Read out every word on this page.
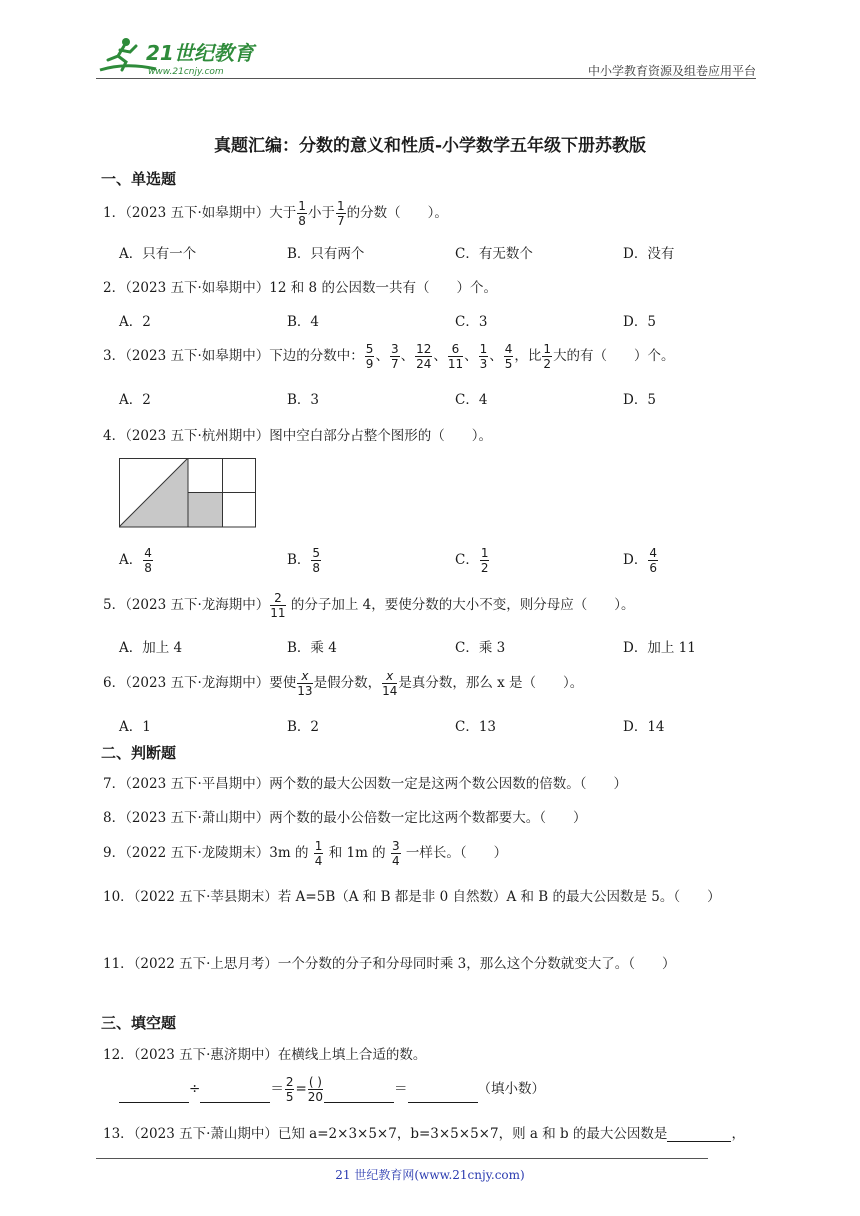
21世纪教育
www.21cnjy.com	中小学教育资源及组卷应用平台
真题汇编：分数的意义和性质-小学数学五年级下册苏教版
一、单选题
1．（2023 五下·如皋期中）大于 $\frac{1}{8}$ 小于 $\frac{1}{7}$ 的分数（　　）。
A．只有一个	B．只有两个	C．有无数个	D．没有
2．（2023 五下·如皋期中）12 和 8 的公因数一共有（　　）个。
A．2	B．4	C．3	D．5
3．（2023 五下·如皋期中）下边的分数中： $\frac{5}{9}$ 、 $\frac{3}{7}$ 、 $\frac{12}{24}$ 、 $\frac{6}{11}$ 、 $\frac{1}{3}$ 、 $\frac{4}{5}$ ，比 $\frac{1}{2}$ 大的有（　　）个。
A．2	B．3	C．4	D．5
4．（2023 五下·杭州期中）图中空白部分占整个图形的（　　）。
A． $\frac{4}{8}$	B． $\frac{5}{8}$	C． $\frac{1}{2}$	D． $\frac{4}{6}$
5．（2023 五下·龙海期中） $\frac{2}{11}$ 的分子加上 4，要使分数的大小不变，则分母应（　　）。
A．加上 4	B．乘 4	C．乘 3	D．加上 11
6．（2023 五下·龙海期中）要使 $\frac{x}{13}$ 是假分数， $\frac{x}{14}$ 是真分数，那么 x 是（　　）。
A．1	B．2	C．13	D．14
二、判断题
7．（2023 五下·平昌期中）两个数的最大公因数一定是这两个数公因数的倍数。（　　）
8．（2023 五下·萧山期中）两个数的最小公倍数一定比这两个数都要大。（　　）
9．（2022 五下·龙陵期末）3m 的 $\frac{1}{4}$ 和 1m 的 $\frac{3}{4}$ 一样长。（　　）
10．（2022 五下·莘县期末）若 A=5B（A 和 B 都是非 0 自然数）A 和 B 的最大公因数是 5。（　　）
11．（2022 五下·上思月考）一个分数的分子和分母同时乘 3，那么这个分数就变大了。（　　）
三、填空题
12．（2023 五下·惠济期中）在横线上填上合适的数。
÷	＝ $\frac{2}{5} = \frac{( )}{20}$	＝	（填小数）
13．（2023 五下·萧山期中）已知 a=2×3×5×7，b=3×5×5×7，则 a 和 b 的最大公因数是	，
21 世纪教育网(www.21cnjy.com)
